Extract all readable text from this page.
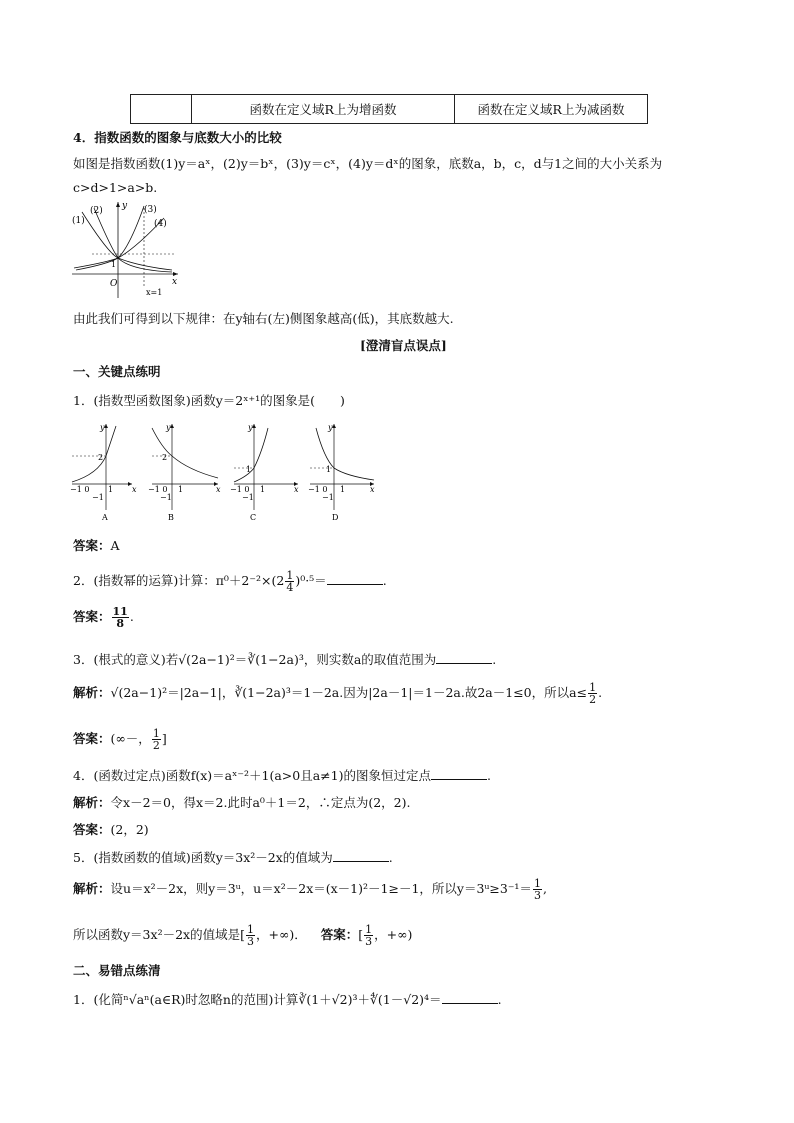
	函数在定义域R上为增函数	函数在定义域R上为减函数
4．指数函数的图象与底数大小的比较
如图是指数函数(1)y＝aˣ，(2)y＝bˣ，(3)y＝cˣ，(4)y＝dˣ的图象，底数a，b，c，d与1之间的大小关系为
c>d>1>a>b.
(1)
(2)	(3)
(4)
y
x
O
1
x=1
由此我们可得到以下规律：在y轴右(左)侧图象越高(低)，其底数越大.
[澄清盲点误点]
一、关键点练明
1．(指数型函数图象)函数y＝2ˣ⁺¹的图象是(　　)
2
y
x
−1 0 1
−1
A
2
y
x
−1 0 1
−1
B
1
y
x
−1 0 1
−1
C
1
y
x
−1 0 1
−1
D
答案：A
2．(指数幂的运算)计算：$\pi^0+2^{-2}\times(2 \frac{1}{4} )^0\cdot^5=$	.
答案： $\frac{11}{8}$ .
3．(根式的意义)若√(2a−1)²＝∛(1−2a)³，则实数a的取值范围为	.
解析：√(2a−1)²＝|2a−1|，∛(1−2a)³＝1－2a.因为|2a－1|＝1－2a.故2a－1≤0，所以$a\le \frac{1}{2}$ .
答案：(∞－， $\frac{1}{2}$ ]
4．(函数过定点)函数f(x)＝aˣ⁻²＋1(a>0且a≠1)的图象恒过定点	.
解析：令x－2＝0，得x＝2.此时a⁰＋1＝2，∴定点为(2，2).
答案：(2，2)
5．(指数函数的值域)函数y＝3x²－2x的值域为	.
解析：设u＝x²－2x，则y＝3ᵘ，u＝x²－2x＝(x－1)²－1≥－1，所以y＝3ᵘ≥3⁻¹＝ $\frac{1}{3}$ ,
所以函数y＝3x²－2x的值域是[ $\frac{1}{3}$ ，+∞)． 答案：[ $\frac{1}{3}$ ，+∞)
二、易错点练清
1．(化简ⁿ√aⁿ(a∈R)时忽略n的范围)计算∛(1＋√2)³＋∜(1－√2)⁴＝	.
